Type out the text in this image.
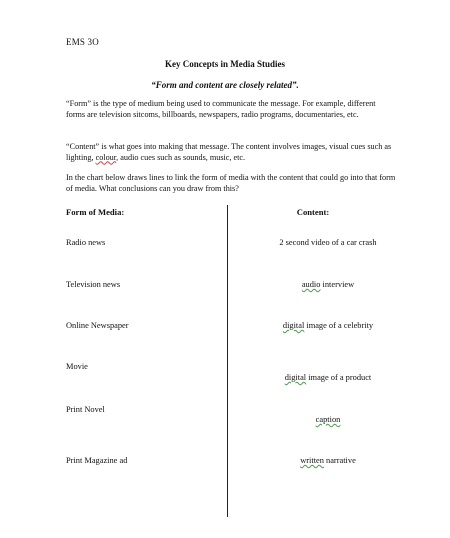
EMS 3O
Key Concepts in Media Studies
“Form and content are closely related”.
“Form” is the type of medium being used to communicate the message. For example, different forms are television sitcoms, billboards, newspapers, radio programs, documentaries, etc.
“Content” is what goes into making that message. The content involves images, visual cues such as lighting, colour, audio cues such as sounds, music, etc.
In the chart below draws lines to link the form of media with the content that could go into that form of media. What conclusions can you draw from this?
Form of Media:	Content:
Radio news
Television news
Online Newspaper
Movie
Print Novel
Print Magazine ad
2 second video of a car crash
audio interview
digital image of a celebrity
digital image of a product
caption
written narrative
